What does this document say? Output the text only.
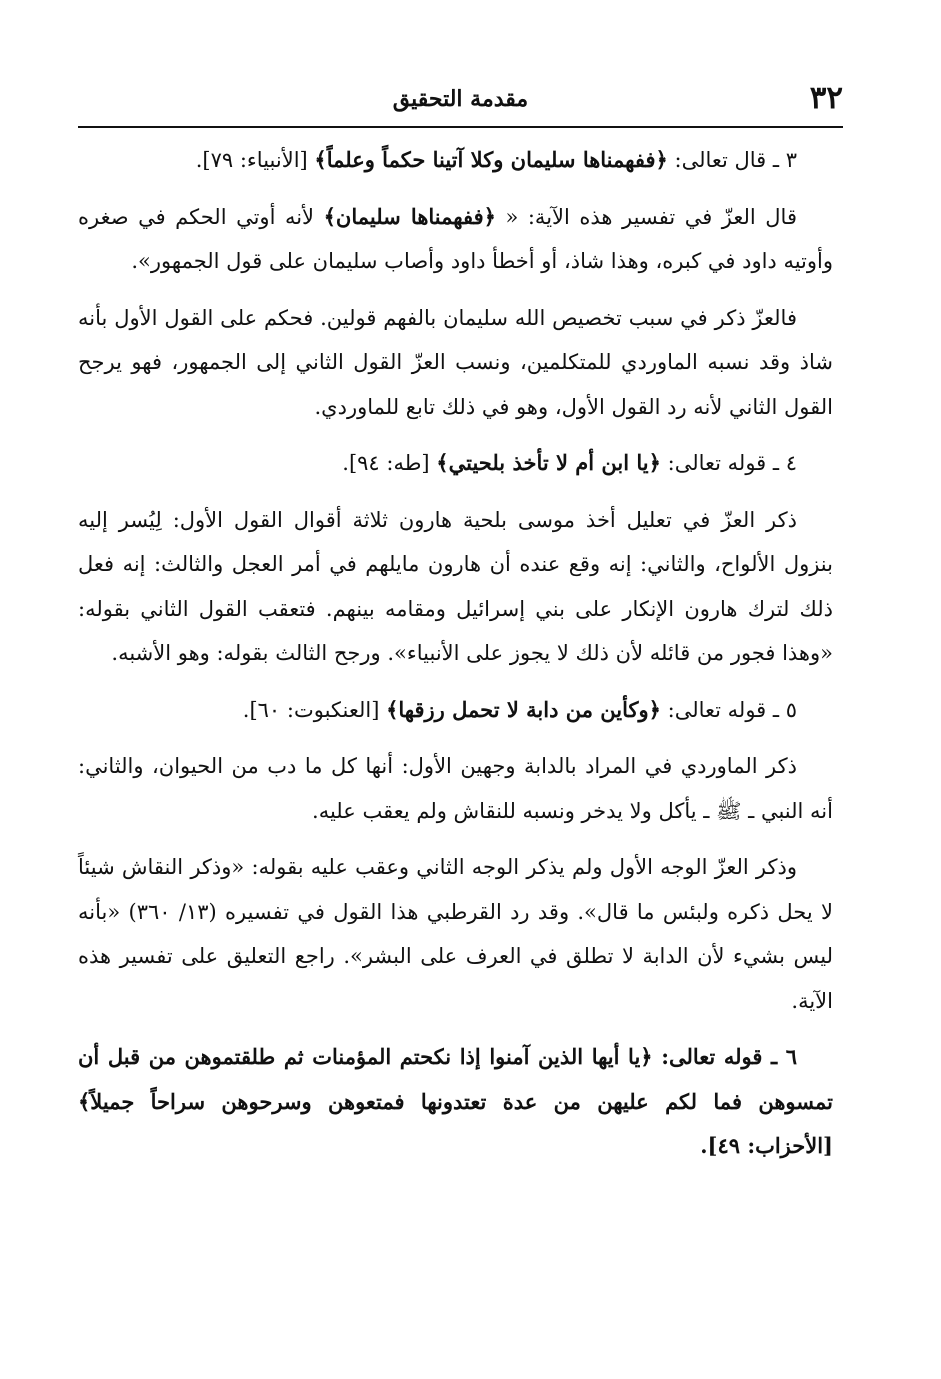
٣٢
مقدمة التحقيق

٣ ـ قال تعالى: ﴿ففهمناها سليمان وكلا آتينا حكماً وعلماً﴾ [الأنبياء: ٧٩].

قال العزّ في تفسير هذه الآية: « ﴿ففهمناها سليمان﴾ لأنه أوتي الحكم في صغره وأوتيه داود في كبره، وهذا شاذ، أو أخطأ داود وأصاب سليمان على قول الجمهور».

فالعزّ ذكر في سبب تخصيص الله سليمان بالفهم قولين. فحكم على القول الأول بأنه شاذ وقد نسبه الماوردي للمتكلمين، ونسب العزّ القول الثاني إلى الجمهور، فهو يرجح القول الثاني لأنه رد القول الأول، وهو في ذلك تابع للماوردي.

٤ ـ قوله تعالى: ﴿يا ابن أم لا تأخذ بلحيتي﴾ [طه: ٩٤].

ذكر العزّ في تعليل أخذ موسى بلحية هارون ثلاثة أقوال القول الأول: لِيُسر إليه بنزول الألواح، والثاني: إنه وقع عنده أن هارون مايلهم في أمر العجل والثالث: إنه فعل ذلك لترك هارون الإنكار على بني إسرائيل ومقامه بينهم. فتعقب القول الثاني بقوله: «وهذا فجور من قائله لأن ذلك لا يجوز على الأنبياء». ورجح الثالث بقوله: وهو الأشبه.

٥ ـ قوله تعالى: ﴿وكأين من دابة لا تحمل رزقها﴾ [العنكبوت: ٦٠].

ذكر الماوردي في المراد بالدابة وجهين الأول: أنها كل ما دب من الحيوان، والثاني: أنه النبي ـ ﷺ ـ يأكل ولا يدخر ونسبه للنقاش ولم يعقب عليه.

وذكر العزّ الوجه الأول ولم يذكر الوجه الثاني وعقب عليه بقوله: «وذكر النقاش شيئاً لا يحل ذكره ولبئس ما قال». وقد رد القرطبي هذا القول في تفسيره (١٣/ ٣٦٠) «بأنه ليس بشيء لأن الدابة لا تطلق في العرف على البشر». راجع التعليق على تفسير هذه الآية.

٦ ـ قوله تعالى: ﴿يا أيها الذين آمنوا إذا نكحتم المؤمنات ثم طلقتموهن من قبل أن تمسوهن فما لكم عليهن من عدة تعتدونها فمتعوهن وسرحوهن سراحاً جميلاً﴾ [الأحزاب: ٤٩].
